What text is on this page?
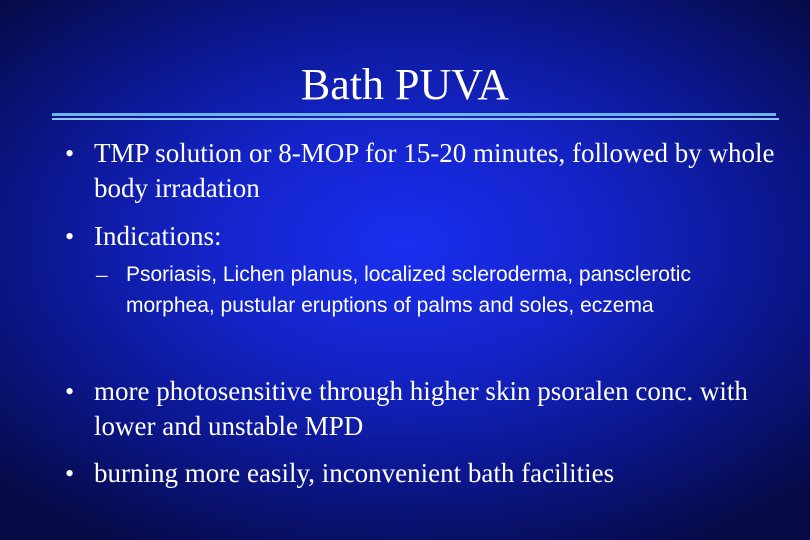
Bath PUVA
• TMP solution or 8-MOP for 15-20 minutes, followed by whole body irradation
• Indications:
– Psoriasis, Lichen planus, localized scleroderma, pansclerotic morphea, pustular eruptions of palms and soles, eczema
• more photosensitive through higher skin psoralen conc. with lower and unstable MPD
• burning more easily, inconvenient bath facilities
